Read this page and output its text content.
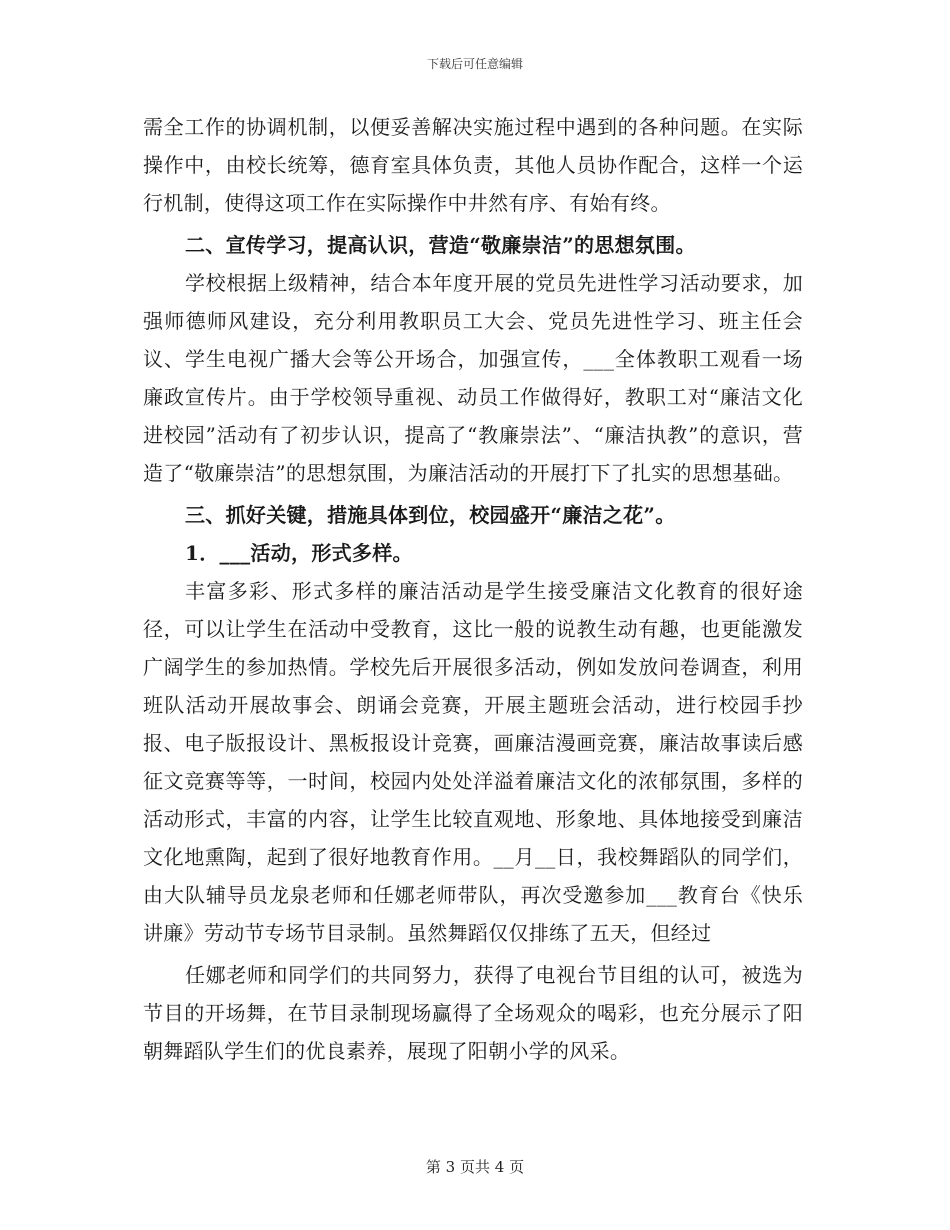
下载后可任意编辑

需全工作的协调机制，以便妥善解决实施过程中遇到的各种问题。在实际操作中，由校长统筹，德育室具体负责，其他人员协作配合，这样一个运行机制，使得这项工作在实际操作中井然有序、有始有终。

二、宣传学习，提高认识，营造“敬廉崇洁”的思想氛围。

学校根据上级精神，结合本年度开展的党员先进性学习活动要求，加强师德师风建设，充分利用教职员工大会、党员先进性学习、班主任会议、学生电视广播大会等公开场合，加强宣传，___全体教职工观看一场廉政宣传片。由于学校领导重视、动员工作做得好，教职工对“廉洁文化进校园”活动有了初步认识，提高了“教廉崇法”、“廉洁执教”的意识，营造了“敬廉崇洁”的思想氛围，为廉洁活动的开展打下了扎实的思想基础。

三、抓好关键，措施具体到位，校园盛开“廉洁之花”。

1．___活动，形式多样。

丰富多彩、形式多样的廉洁活动是学生接受廉洁文化教育的很好途径，可以让学生在活动中受教育，这比一般的说教生动有趣，也更能激发广阔学生的参加热情。学校先后开展很多活动，例如发放问卷调查，利用班队活动开展故事会、朗诵会竞赛，开展主题班会活动，进行校园手抄报、电子版报设计、黑板报设计竞赛，画廉洁漫画竞赛，廉洁故事读后感征文竞赛等等，一时间，校园内处处洋溢着廉洁文化的浓郁氛围，多样的活动形式，丰富的内容，让学生比较直观地、形象地、具体地接受到廉洁文化地熏陶，起到了很好地教育作用。__月__日，我校舞蹈队的同学们，由大队辅导员龙泉老师和任娜老师带队，再次受邀参加___教育台《快乐讲廉》劳动节专场节目录制。虽然舞蹈仅仅排练了五天，但经过

任娜老师和同学们的共同努力，获得了电视台节目组的认可，被选为节目的开场舞，在节目录制现场赢得了全场观众的喝彩，也充分展示了阳朝舞蹈队学生们的优良素养，展现了阳朝小学的风采。

第 3 页共 4 页
